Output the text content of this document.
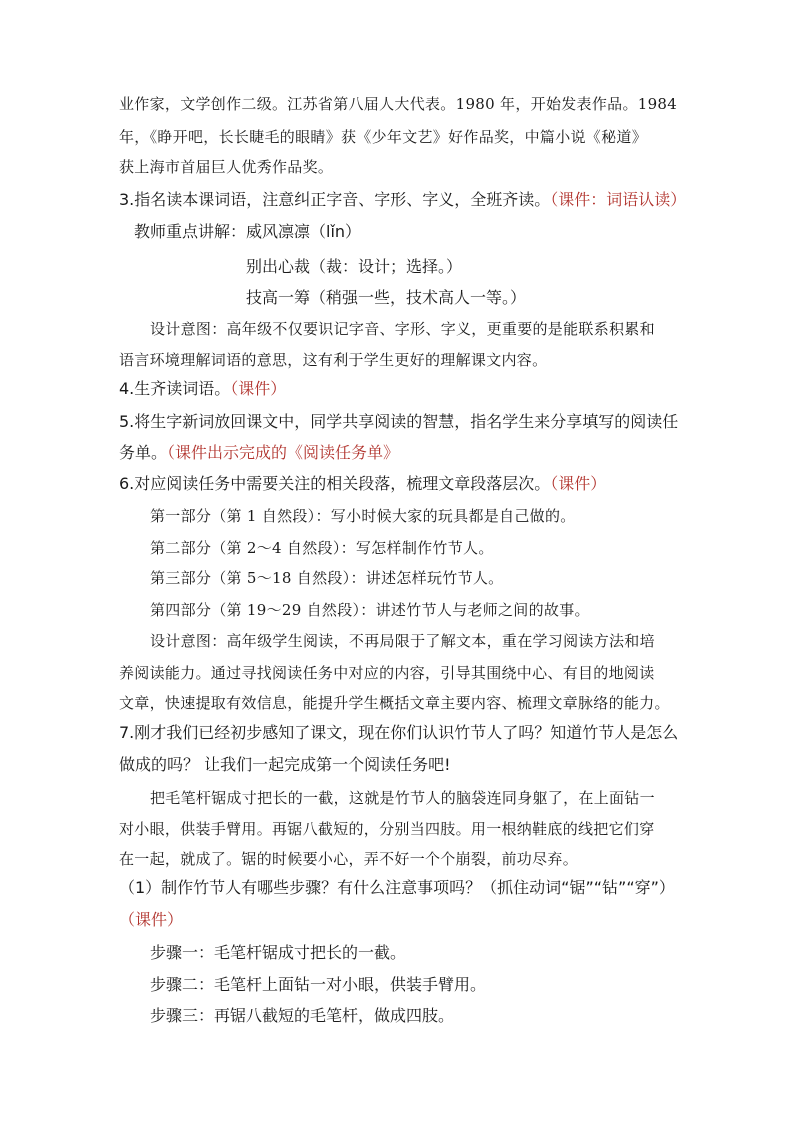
业作家，文学创作二级。江苏省第八届人大代表。1980 年，开始发表作品。1984
年，《睁开吧，长长睫毛的眼睛》获《少年文艺》好作品奖，中篇小说《秘道》
获上海市首届巨人优秀作品奖。
3.指名读本课词语，注意纠正字音、字形、字义，全班齐读。（课件：词语认读）
教师重点讲解：威风凛凛（lǐn）
别出心裁（裁：设计；选择。）
技高一筹（稍强一些，技术高人一等。）
设计意图：高年级不仅要识记字音、字形、字义，更重要的是能联系积累和
语言环境理解词语的意思，这有利于学生更好的理解课文内容。
4.生齐读词语。（课件）
5.将生字新词放回课文中，同学共享阅读的智慧，指名学生来分享填写的阅读任
务单。（课件出示完成的《阅读任务单》
6.对应阅读任务中需要关注的相关段落，梳理文章段落层次。（课件）
第一部分（第 1 自然段）：写小时候大家的玩具都是自己做的。
第二部分（第 2～4 自然段）：写怎样制作竹节人。
第三部分（第 5～18 自然段）：讲述怎样玩竹节人。
第四部分（第 19～29 自然段）：讲述竹节人与老师之间的故事。
设计意图：高年级学生阅读，不再局限于了解文本，重在学习阅读方法和培
养阅读能力。通过寻找阅读任务中对应的内容，引导其围绕中心、有目的地阅读
文章，快速提取有效信息，能提升学生概括文章主要内容、梳理文章脉络的能力。
7.刚才我们已经初步感知了课文，现在你们认识竹节人了吗？知道竹节人是怎么
做成的吗？ 让我们一起完成第一个阅读任务吧!
把毛笔杆锯成寸把长的一截，这就是竹节人的脑袋连同身躯了，在上面钻一
对小眼，供装手臂用。再锯八截短的，分别当四肢。用一根纳鞋底的线把它们穿
在一起，就成了。锯的时候要小心，弄不好一个个崩裂，前功尽弃。
（1）制作竹节人有哪些步骤？有什么注意事项吗？（抓住动词“锯”“钻”“穿”）
（课件）
步骤一：毛笔杆锯成寸把长的一截。
步骤二：毛笔杆上面钻一对小眼，供装手臂用。
步骤三：再锯八截短的毛笔杆，做成四肢。
